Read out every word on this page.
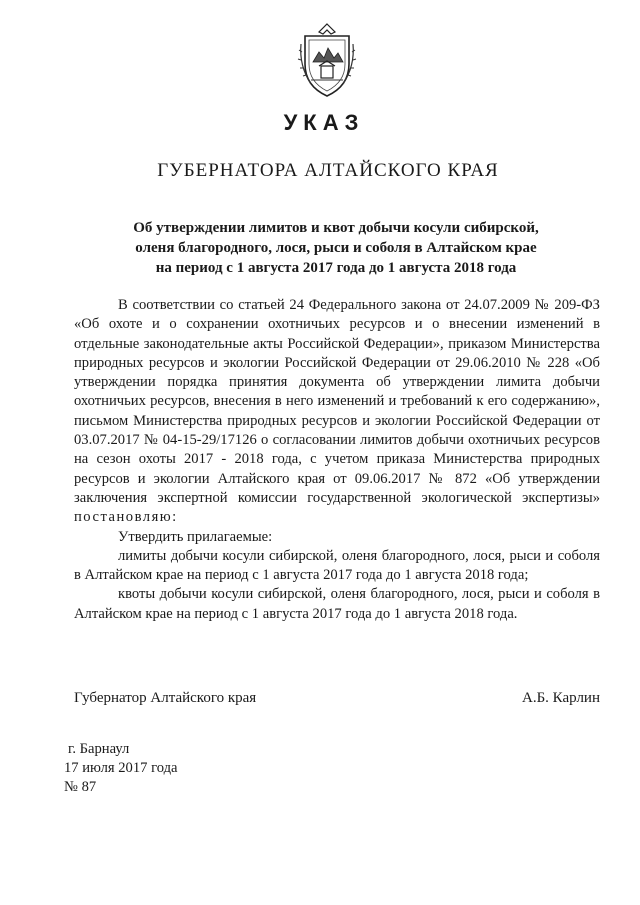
УКАЗ
ГУБЕРНАТОРА АЛТАЙСКОГО КРАЯ
Об утверждении лимитов и квот добычи косули сибирской,
оленя благородного, лося, рыси и соболя в Алтайском крае
на период с 1 августа 2017 года до 1 августа 2018 года

В соответствии со статьей 24 Федерального закона от 24.07.2009 № 209-ФЗ «Об охоте и о сохранении охотничьих ресурсов и о внесении изменений в отдельные законодательные акты Российской Федерации», приказом Министерства природных ресурсов и экологии Российской Федерации от 29.06.2010 № 228 «Об утверждении порядка принятия документа об утверждении лимита добычи охотничьих ресурсов, внесения в него изменений и требований к его содержанию», письмом Министерства природных ресурсов и экологии Российской Федерации от 03.07.2017 № 04-15-29/17126 о согласовании лимитов добычи охотничьих ресурсов на сезон охоты 2017 - 2018 года, с учетом приказа Министерства природных ресурсов и экологии Алтайского края от 09.06.2017 № 872 «Об утверждении заключения экспертной комиссии государственной экологической экспертизы» постановляю:

Утвердить прилагаемые:

лимиты добычи косули сибирской, оленя благородного, лося, рыси и соболя в Алтайском крае на период с 1 августа 2017 года до 1 августа 2018 года;

квоты добычи косули сибирской, оленя благородного, лося, рыси и соболя в Алтайском крае на период с 1 августа 2017 года до 1 августа 2018 года.

Губернатор Алтайского края	А.Б. Карлин
г. Барнаул
17 июля 2017 года
№ 87
